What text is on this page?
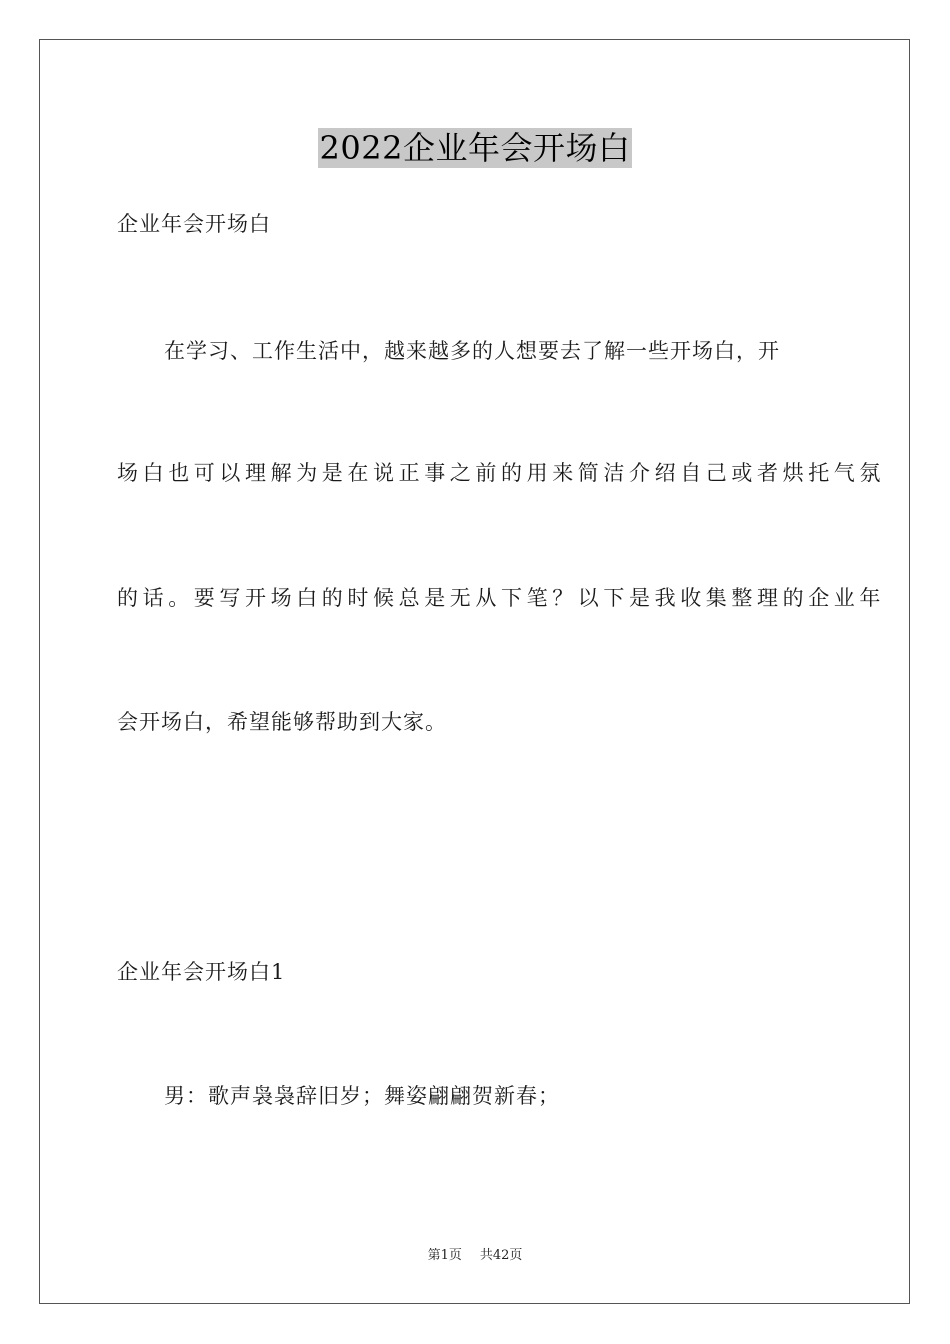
2022企业年会开场白
企业年会开场白
在学习、工作生活中，越来越多的人想要去了解一些开场白，开
场白也可以理解为是在说正事之前的用来简洁介绍自己或者烘托气氛
的话。要写开场白的时候总是无从下笔？以下是我收集整理的企业年
会开场白，希望能够帮助到大家。
企业年会开场白1
男：歌声袅袅辞旧岁；舞姿翩翩贺新春；
第1页 共42页
